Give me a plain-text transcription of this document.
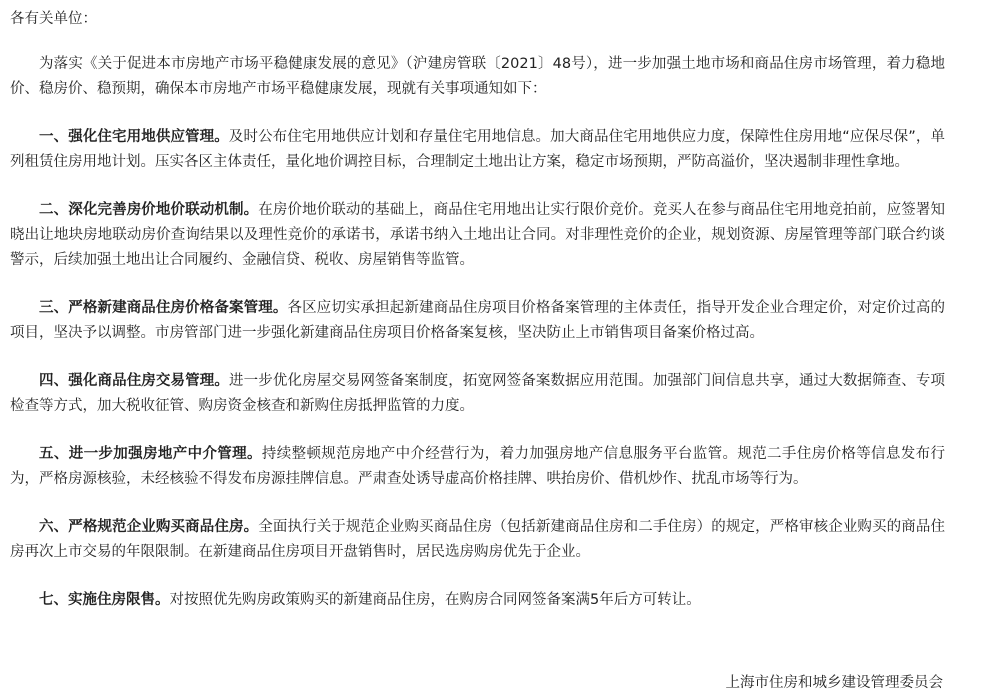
各有关单位：

为落实《关于促进本市房地产市场平稳健康发展的意见》（沪建房管联〔2021〕48号），进一步加强土地市场和商品住房市场管理，着力稳地价、稳房价、稳预期，确保本市房地产市场平稳健康发展，现就有关事项通知如下：

一、强化住宅用地供应管理。及时公布住宅用地供应计划和存量住宅用地信息。加大商品住宅用地供应力度，保障性住房用地“应保尽保”，单列租赁住房用地计划。压实各区主体责任，量化地价调控目标，合理制定土地出让方案，稳定市场预期，严防高溢价，坚决遏制非理性拿地。

二、深化完善房价地价联动机制。在房价地价联动的基础上，商品住宅用地出让实行限价竞价。竞买人在参与商品住宅用地竞拍前，应签署知晓出让地块房地联动房价查询结果以及理性竞价的承诺书，承诺书纳入土地出让合同。对非理性竞价的企业，规划资源、房屋管理等部门联合约谈警示，后续加强土地出让合同履约、金融信贷、税收、房屋销售等监管。

三、严格新建商品住房价格备案管理。各区应切实承担起新建商品住房项目价格备案管理的主体责任，指导开发企业合理定价，对定价过高的项目，坚决予以调整。市房管部门进一步强化新建商品住房项目价格备案复核，坚决防止上市销售项目备案价格过高。

四、强化商品住房交易管理。进一步优化房屋交易网签备案制度，拓宽网签备案数据应用范围。加强部门间信息共享，通过大数据筛查、专项检查等方式，加大税收征管、购房资金核查和新购住房抵押监管的力度。

五、进一步加强房地产中介管理。持续整顿规范房地产中介经营行为，着力加强房地产信息服务平台监管。规范二手住房价格等信息发布行为，严格房源核验，未经核验不得发布房源挂牌信息。严肃查处诱导虚高价格挂牌、哄抬房价、借机炒作、扰乱市场等行为。

六、严格规范企业购买商品住房。全面执行关于规范企业购买商品住房（包括新建商品住房和二手住房）的规定，严格审核企业购买的商品住房再次上市交易的年限限制。在新建商品住房项目开盘销售时，居民选房购房优先于企业。

七、实施住房限售。对按照优先购房政策购买的新建商品住房，在购房合同网签备案满5年后方可转让。

上海市住房和城乡建设管理委员会
